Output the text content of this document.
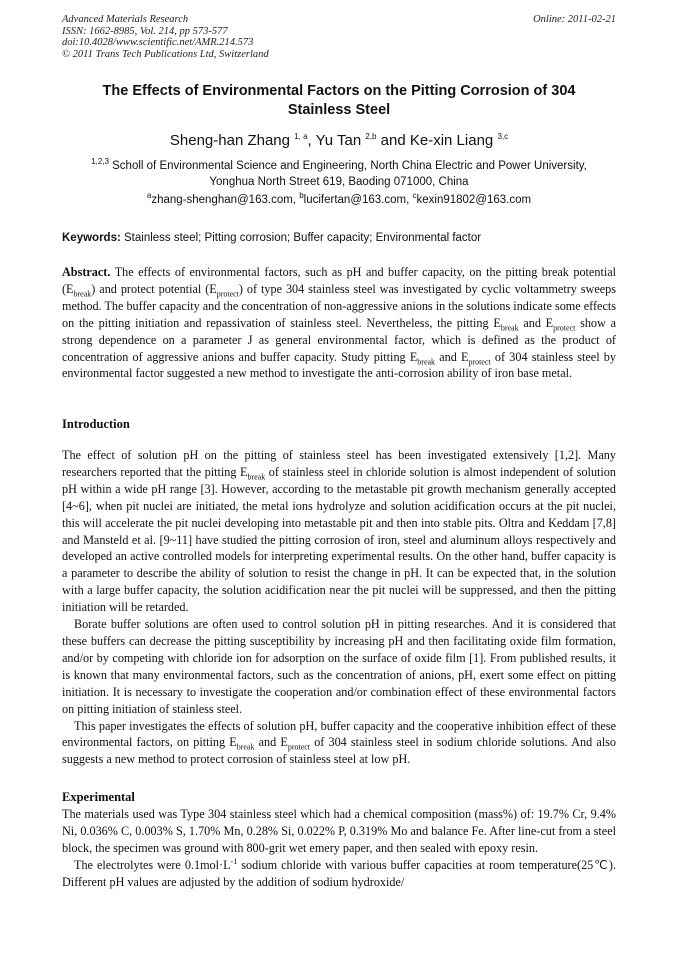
Advanced Materials Research
ISSN: 1662-8985, Vol. 214, pp 573-577
doi:10.4028/www.scientific.net/AMR.214.573
© 2011 Trans Tech Publications Ltd, Switzerland
Online: 2011-02-21
The Effects of Environmental Factors on the Pitting Corrosion of 304
Stainless Steel
Sheng-han Zhang $^{1, a}$, Yu Tan $^{2,b}$ and Ke-xin Liang $^{3,c}$
$^{1,2,3}$ Scholl of Environmental Science and Engineering, North China Electric and Power University,
Yonghua North Street 619, Baoding 071000, China
$^a$zhang-shenghan@163.com, $^b$lucifertan@163.com, $^c$kexin91802@163.com
Keywords: Stainless steel; Pitting corrosion; Buffer capacity; Environmental factor

Abstract. The effects of environmental factors, such as pH and buffer capacity, on the pitting break potential $(E_{break})$ and protect potential $(E_{protect})$ of type 304 stainless steel was investigated by cyclic voltammetry sweeps method. The buffer capacity and the concentration of non-aggressive anions in the solutions indicate some effects on the pitting initiation and repassivation of stainless steel. Nevertheless, the pitting $E_{break}$ and $E_{protect}$ show a strong dependence on a parameter J as general environmental factor, which is defined as the product of concentration of aggressive anions and buffer capacity. Study pitting $E_{break}$ and $E_{protect}$ of 304 stainless steel by environmental factor suggested a new method to investigate the anti-corrosion ability of iron base metal.

Introduction

The effect of solution pH on the pitting of stainless steel has been investigated extensively [1,2]. Many researchers reported that the pitting $E_{break}$ of stainless steel in chloride solution is almost independent of solution pH within a wide pH range [3]. However, according to the metastable pit growth mechanism generally accepted [4~6], when pit nuclei are initiated, the metal ions hydrolyze and solution acidification occurs at the pit nuclei, this will accelerate the pit nuclei developing into metastable pit and then into stable pits. Oltra and Keddam [7,8] and Mansteld et al. [9~11] have studied the pitting corrosion of iron, steel and aluminum alloys respectively and developed an active controlled models for interpreting experimental results. On the other hand, buffer capacity is a parameter to describe the ability of solution to resist the change in pH. It can be expected that, in the solution with a large buffer capacity, the solution acidification near the pit nuclei will be suppressed, and then the pitting initiation will be retarded.

Borate buffer solutions are often used to control solution pH in pitting researches. And it is considered that these buffers can decrease the pitting susceptibility by increasing pH and then facilitating oxide film formation, and/or by competing with chloride ion for adsorption on the surface of oxide film [1]. From published results, it is known that many environmental factors, such as the concentration of anions, pH, exert some effect on pitting initiation. It is necessary to investigate the cooperation and/or combination effect of these environmental factors on pitting initiation of stainless steel.

This paper investigates the effects of solution pH, buffer capacity and the cooperative inhibition effect of these environmental factors, on pitting $E_{break}$ and $E_{protect}$ of 304 stainless steel in sodium chloride solutions. And also suggests a new method to protect corrosion of stainless steel at low pH.

Experimental

The materials used was Type 304 stainless steel which had a chemical composition (mass%) of: 19.7% Cr, 9.4% Ni, 0.036% C, 0.003% S, 1.70% Mn, 0.28% Si, 0.022% P, 0.319% Mo and balance Fe. After line-cut from a steel block, the specimen was ground with 800-grit wet emery paper, and then sealed with epoxy resin.

The electrolytes were $0.1mol\cdot L^{-1}$ sodium chloride with various buffer capacities at room temperature(25℃). Different pH values are adjusted by the addition of sodium hydroxide/
